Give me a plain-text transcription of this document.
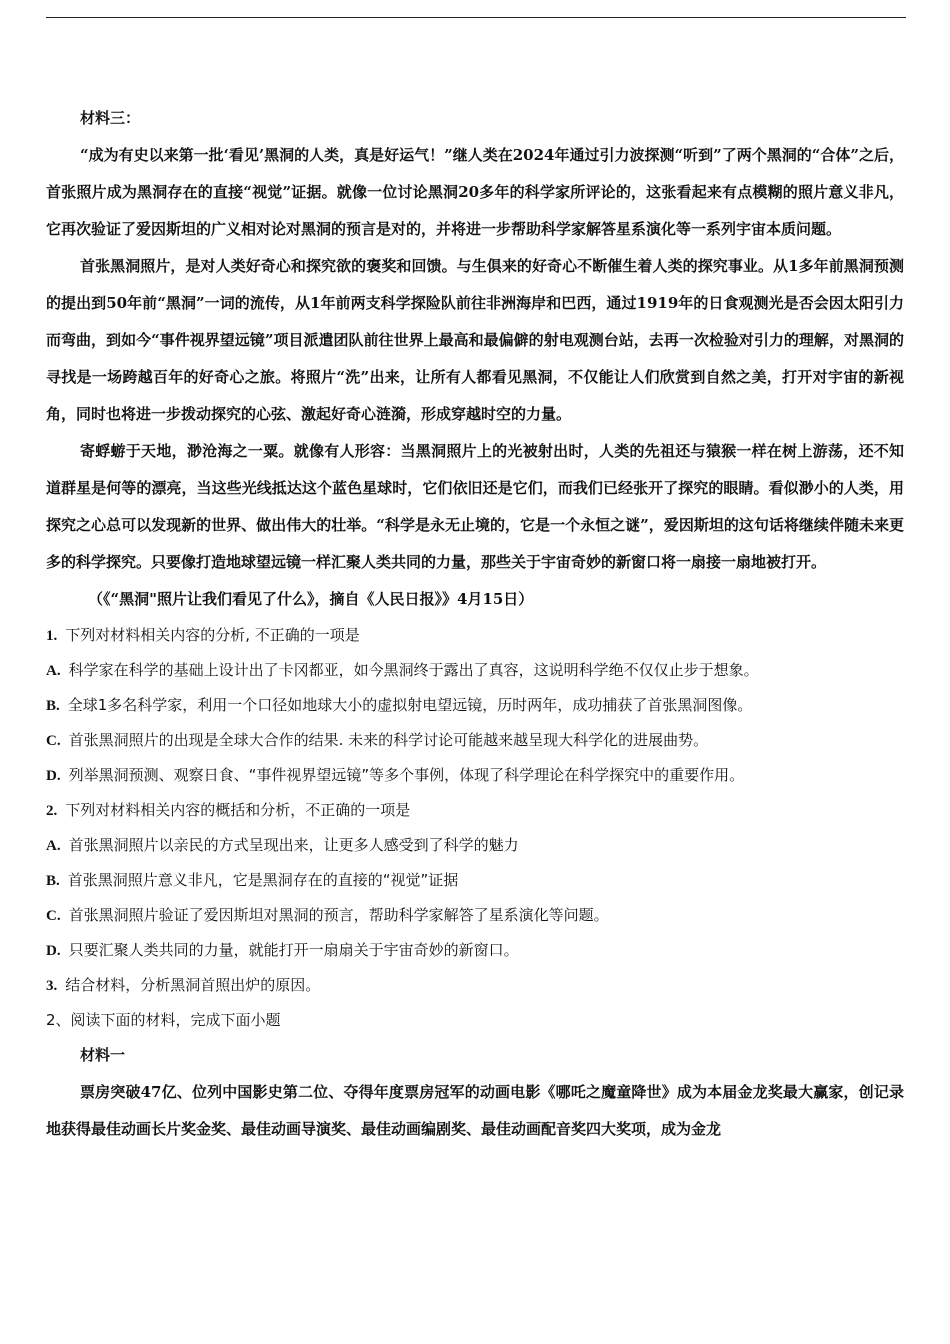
材料三：

“成为有史以来第一批‘看见’黑洞的人类，真是好运气！”继人类在2024年通过引力波探测“听到”了两个黑洞的“合体”之后，首张照片成为黑洞存在的直接“视觉”证据。就像一位讨论黑洞20多年的科学家所评论的，这张看起来有点模糊的照片意义非凡，它再次验证了爱因斯坦的广义相对论对黑洞的预言是对的，并将进一步帮助科学家解答星系演化等一系列宇宙本质问题。

首张黑洞照片，是对人类好奇心和探究欲的褒奖和回馈。与生俱来的好奇心不断催生着人类的探究事业。从1多年前黑洞预测的提出到50年前“黑洞”一词的流传，从1年前两支科学探险队前往非洲海岸和巴西，通过1919年的日食观测光是否会因太阳引力而弯曲，到如今“事件视界望远镜”项目派遣团队前往世界上最高和最偏僻的射电观测台站，去再一次检验对引力的理解，对黑洞的寻找是一场跨越百年的好奇心之旅。将照片“洗”出来，让所有人都看见黑洞，不仅能让人们欣赏到自然之美，打开对宇宙的新视角，同时也将进一步拨动探究的心弦、激起好奇心涟漪，形成穿越时空的力量。

寄蜉蝣于天地，渺沧海之一粟。就像有人形容：当黑洞照片上的光被射出时，人类的先祖还与猿猴一样在树上游荡，还不知道群星是何等的漂亮，当这些光线抵达这个蓝色星球时，它们依旧还是它们，而我们已经张开了探究的眼睛。看似渺小的人类，用探究之心总可以发现新的世界、做出伟大的壮举。“科学是永无止境的，它是一个永恒之谜”，爱因斯坦的这句话将继续伴随未来更多的科学探究。只要像打造地球望远镜一样汇聚人类共同的力量，那些关于宇宙奇妙的新窗口将一扇接一扇地被打开。

（《“黑洞"照片让我们看见了什么》，摘自《人民日报》》4月15日）

1. 下列对材料相关内容的分析, 不正确的一项是

A. 科学家在科学的基础上设计出了卡冈都亚，如今黑洞终于露出了真容，这说明科学绝不仅仅止步于想象。

B. 全球1多名科学家，利用一个口径如地球大小的虚拟射电望远镜，历时两年，成功捕获了首张黑洞图像。

C. 首张黑洞照片的出现是全球大合作的结果. 未来的科学讨论可能越来越呈现大科学化的进展曲势。

D. 列举黑洞预测、观察日食、“事件视界望远镜”等多个事例，体现了科学理论在科学探究中的重要作用。

2. 下列对材料相关内容的概括和分析，不正确的一项是

A. 首张黑洞照片以亲民的方式呈现出来，让更多人感受到了科学的魅力

B. 首张黑洞照片意义非凡，它是黑洞存在的直接的“视觉”证据

C. 首张黑洞照片验证了爱因斯坦对黑洞的预言，帮助科学家解答了星系演化等问题。

D. 只要汇聚人类共同的力量，就能打开一扇扇关于宇宙奇妙的新窗口。

3. 结合材料，分析黑洞首照出炉的原因。

2、阅读下面的材料，完成下面小题

材料一

票房突破47亿、位列中国影史第二位、夺得年度票房冠军的动画电影《哪吒之魔童降世》成为本届金龙奖最大赢家，创记录地获得最佳动画长片奖金奖、最佳动画导演奖、最佳动画编剧奖、最佳动画配音奖四大奖项，成为金龙
